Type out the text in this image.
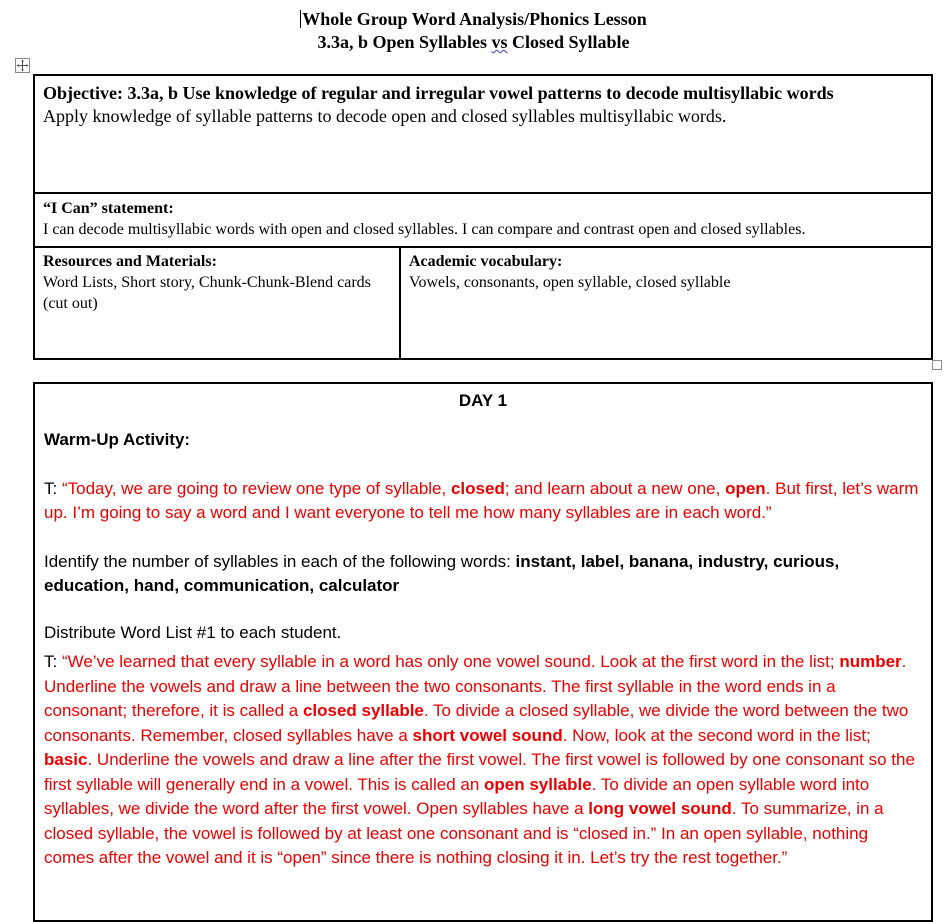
Whole Group Word Analysis/Phonics Lesson
3.3a, b Open Syllables vs Closed Syllable
Objective: 3.3a, b Use knowledge of regular and irregular vowel patterns to decode multisyllabic words
Apply knowledge of syllable patterns to decode open and closed syllables multisyllabic words.
“I Can” statement:
I can decode multisyllabic words with open and closed syllables. I can compare and contrast open and closed syllables.
Resources and Materials:
Word Lists, Short story, Chunk-Chunk-Blend cards (cut out)
Academic vocabulary:
Vowels, consonants, open syllable, closed syllable
DAY 1

Warm-Up Activity:

T: “Today, we are going to review one type of syllable, closed; and learn about a new one, open. But first, let’s warm up. I’m going to say a word and I want everyone to tell me how many syllables are in each word.”

Identify the number of syllables in each of the following words: instant, label, banana, industry, curious, education, hand, communication, calculator

Distribute Word List #1 to each student.

T: “We’ve learned that every syllable in a word has only one vowel sound. Look at the first word in the list; number. Underline the vowels and draw a line between the two consonants. The first syllable in the word ends in a consonant; therefore, it is called a closed syllable. To divide a closed syllable, we divide the word between the two consonants. Remember, closed syllables have a short vowel sound. Now, look at the second word in the list; basic. Underline the vowels and draw a line after the first vowel. The first vowel is followed by one consonant so the first syllable will generally end in a vowel. This is called an open syllable. To divide an open syllable word into syllables, we divide the word after the first vowel. Open syllables have a long vowel sound. To summarize, in a closed syllable, the vowel is followed by at least one consonant and is “closed in.” In an open syllable, nothing comes after the vowel and it is “open” since there is nothing closing it in. Let’s try the rest together.”
